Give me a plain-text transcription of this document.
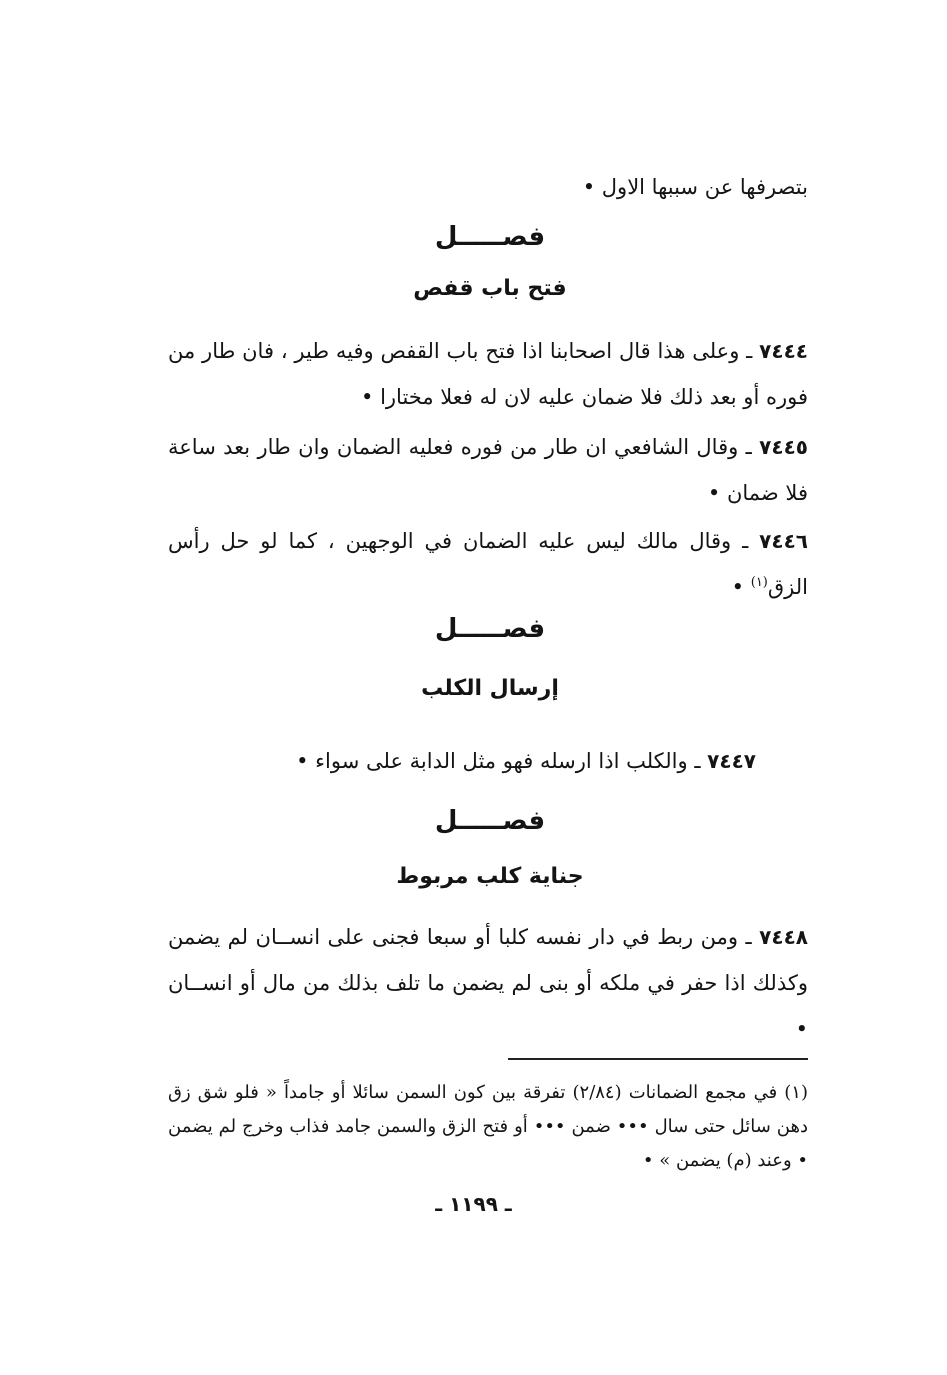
بتصرفها عن سببها الاول •
فصـــــل
فتح باب قفص
٧٤٤٤ ـ وعلى هذا قال اصحابنا اذا فتح باب القفص وفيه طير ، فان طار من فوره أو بعد ذلك فلا ضمان عليه لان له فعلا مختارا •
٧٤٤٥ ـ وقال الشافعي ان طار من فوره فعليه الضمان وان طار بعد ساعة فلا ضمان •
٧٤٤٦ ـ وقال مالك ليس عليه الضمان في الوجهين ، كما لو حل رأس الزق$^{(١)}$ •
فصـــــل
إرسال الكلب
٧٤٤٧ ـ والكلب اذا ارسله فهو مثل الدابة على سواء •
فصـــــل
جناية كلب مربوط
٧٤٤٨ ـ ومن ربط في دار نفسه كلبا أو سبعا فجنى على انســان لم يضمن وكذلك اذا حفر في ملكه أو بنى لم يضمن ما تلف بذلك من مال أو انســان •
(١) في مجمع الضمانات (٢/٨٤) تفرقة بين كون السمن سائلا أو جامداً « فلو شق زق دهن سائل حتى سال ••• ضمن ••• أو فتح الزق والسمن جامد فذاب وخرج لم يضمن • وعند (م) يضمن » •
ـ ١١٩٩ ـ
